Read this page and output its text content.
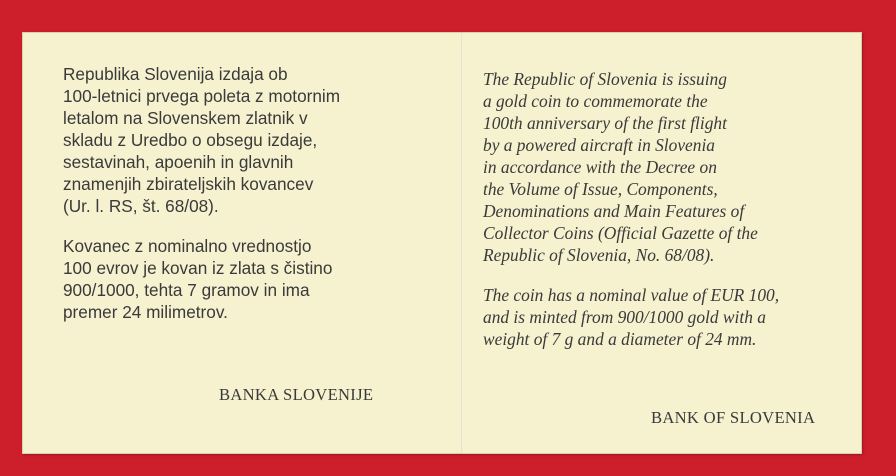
Republika Slovenija izdaja ob
100-letnici prvega poleta z motornim
letalom na Slovenskem zlatnik v
skladu z Uredbo o obsegu izdaje,
sestavinah, apoenih in glavnih
znamenjih zbirateljskih kovancev
(Ur. l. RS, št. 68/08).

Kovanec z nominalno vrednostjo
100 evrov je kovan iz zlata s čistino
900/1000, tehta 7 gramov in ima
premer 24 milimetrov.

BANKA SLOVENIJE

The Republic of Slovenia is issuing
a gold coin to commemorate the
100th anniversary of the first flight
by a powered aircraft in Slovenia
in accordance with the Decree on
the Volume of Issue, Components,
Denominations and Main Features of
Collector Coins (Official Gazette of the
Republic of Slovenia, No. 68/08).

The coin has a nominal value of EUR 100,
and is minted from 900/1000 gold with a
weight of 7 g and a diameter of 24 mm.

BANK OF SLOVENIA
